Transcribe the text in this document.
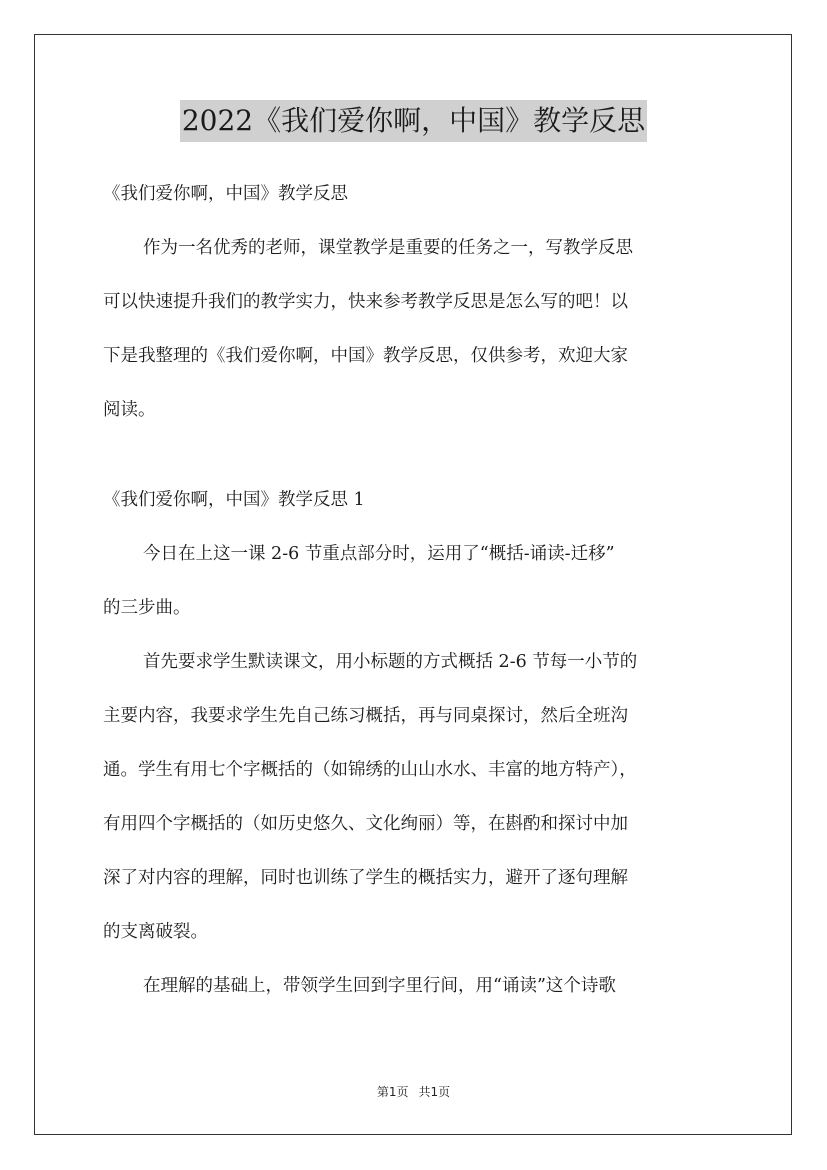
2022《我们爱你啊，中国》教学反思
《我们爱你啊，中国》教学反思
作为一名优秀的老师，课堂教学是重要的任务之一，写教学反思
可以快速提升我们的教学实力，快来参考教学反思是怎么写的吧！以
下是我整理的《我们爱你啊，中国》教学反思，仅供参考，欢迎大家
阅读。
《我们爱你啊，中国》教学反思 1
今日在上这一课 2-6 节重点部分时，运用了“概括-诵读-迁移”
的三步曲。
首先要求学生默读课文，用小标题的方式概括 2-6 节每一小节的
主要内容，我要求学生先自己练习概括，再与同桌探讨，然后全班沟
通。学生有用七个字概括的（如锦绣的山山水水、丰富的地方特产），
有用四个字概括的（如历史悠久、文化绚丽）等，在斟酌和探讨中加
深了对内容的理解，同时也训练了学生的概括实力，避开了逐句理解
的支离破裂。
在理解的基础上，带领学生回到字里行间，用“诵读”这个诗歌
第1页 共1页
